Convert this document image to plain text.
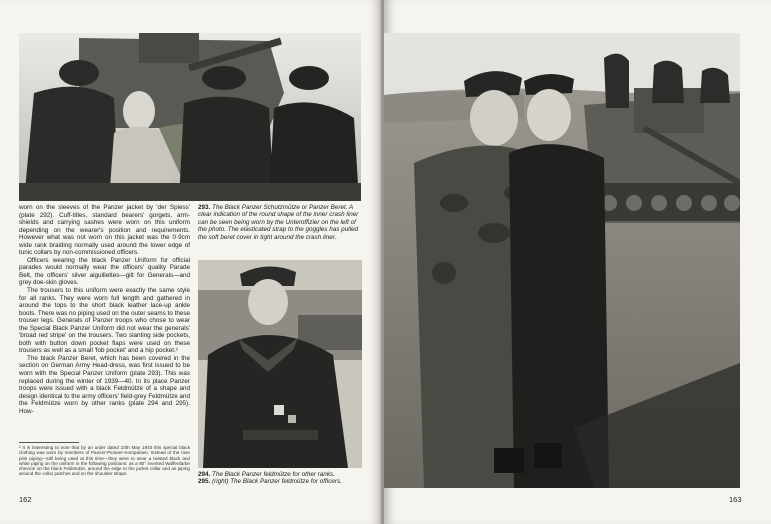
worn on the sleeves of the Panzer jacket by 'der Spiess' (plate 292). Cuff-titles, standard bearers' gorgets, arm-shields and carrying sashes were worn on this uniform depending on the wearer's position and requirements. However what was not worn on this jacket was the 0·9cm wide rank braiding normally used around the lower edge of tunic collars by non-commissioned officers.

Officers wearing the black Panzer Uniform for official parades would normally wear the officers' quality Parade Belt, the officers' silver aiguillettes—gilt for Generals—and grey doe-skin gloves.

The trousers to this uniform were exactly the same style for all ranks. They were worn full length and gathered in around the tops to the short black leather lace-up ankle boots. There was no piping used on the outer seams to these trouser legs. Generals of Panzer troops who chose to wear the Special Black Panzer Uniform did not wear the generals' 'broad red stripe' on the trousers. Two slanting side pockets, both with button down pocket flaps were used on these trousers as well as a small 'fob pocket' and a hip pocket.²

The black Panzer Beret, which has been covered in the section on German Army Head-dress, was first issued to be worn with the Special Panzer Uniform (plate 293). This was replaced during the winter of 1939—40. In its place Panzer troops were issued with a black Feldmütze of a shape and design identical to the army officers' field-grey Feldmütze and the Feldmütze worn by other ranks (plate 294 and 295). How-

² It is interesting to note that by an order dated 10th May 1940 this special black clothing was worn by members of Panzer-Pioneer-Kompanien. Instead of the rose pink piping—still being used at this time—they were to wear a twisted black and white piping on the uniform in the following positions: as a 90° inverted Waffenfarbe chevron on the black Feldmütze, around the edge to the jacket collar and as piping around the collar patches and on the shoulder straps.
293. The Black Panzer Schutzmütze or Panzer Beret. A clear indication of the round shape of the inner crash liner can be seen being worn by the Unteroffizier on the left of the photo. The elasticated strap to the goggles has pulled the soft beret cover in tight around the crash liner.
294. The Black Panzer feldmütze for other ranks.
295. (right) The Black Panzer feldmütze for officers.
162	163
